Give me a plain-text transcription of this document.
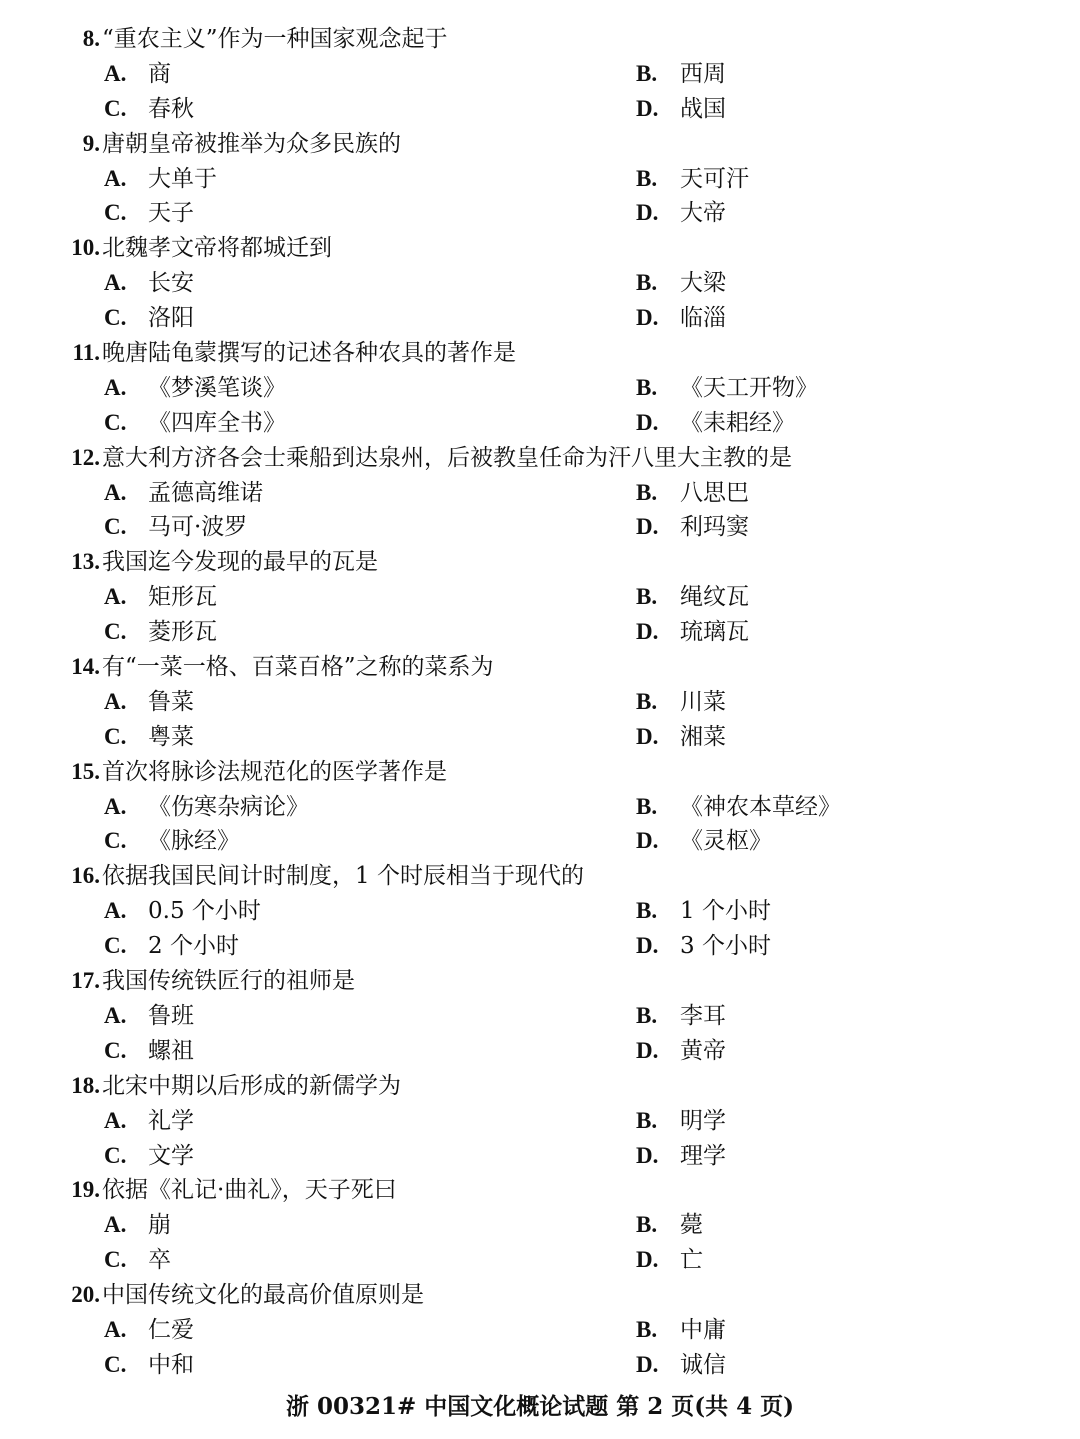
8.“重农主义”作为一种国家观念起于
A. 商	B. 西周
C. 春秋	D. 战国
9.唐朝皇帝被推举为众多民族的
A. 大单于	B. 天可汗
C. 天子	D. 大帝
10.北魏孝文帝将都城迁到
A. 长安	B. 大梁
C. 洛阳	D. 临淄
11.晚唐陆龟蒙撰写的记述各种农具的著作是
A. 《梦溪笔谈》	B. 《天工开物》
C. 《四库全书》	D. 《耒耜经》
12.意大利方济各会士乘船到达泉州，后被教皇任命为汗八里大主教的是
A. 孟德高维诺	B. 八思巴
C. 马可·波罗	D. 利玛窦
13.我国迄今发现的最早的瓦是
A. 矩形瓦	B. 绳纹瓦
C. 菱形瓦	D. 琉璃瓦
14.有“一菜一格、百菜百格”之称的菜系为
A. 鲁菜	B. 川菜
C. 粤菜	D. 湘菜
15.首次将脉诊法规范化的医学著作是
A. 《伤寒杂病论》	B. 《神农本草经》
C. 《脉经》	D. 《灵枢》
16.依据我国民间计时制度，1 个时辰相当于现代的
A. 0.5 个小时	B. 1 个小时
C. 2 个小时	D. 3 个小时
17.我国传统铁匠行的祖师是
A. 鲁班	B. 李耳
C. 螺祖	D. 黄帝
18.北宋中期以后形成的新儒学为
A. 礼学	B. 明学
C. 文学	D. 理学
19.依据《礼记·曲礼》，天子死曰
A. 崩	B. 薨
C. 卒	D. 亡
20.中国传统文化的最高价值原则是
A. 仁爱	B. 中庸
C. 中和	D. 诚信
浙 00321# 中国文化概论试题 第 2 页(共 4 页)
